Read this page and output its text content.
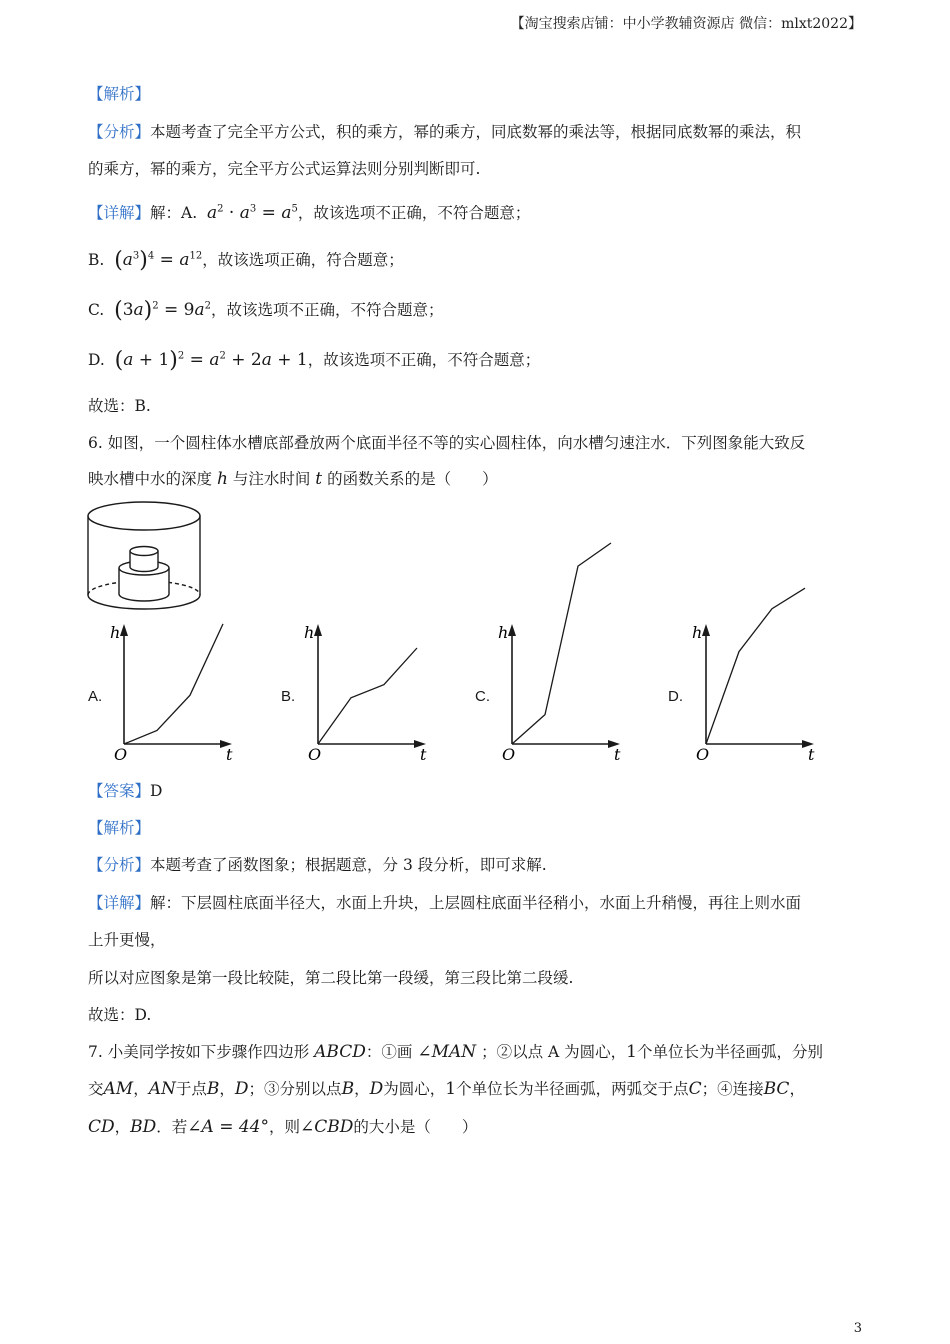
【淘宝搜索店铺：中小学教辅资源店 微信：mlxt2022】
【解析】
【分析】本题考查了完全平方公式，积的乘方，幂的乘方，同底数幂的乘法等，根据同底数幂的乘法，积
的乘方，幂的乘方，完全平方公式运算法则分别判断即可.
【详解】解：A. $a^2 \cdot a^3 = a^5$，故该选项不正确，不符合题意；
B. $(a^3)^4 = a^{12}$，故该选项正确，符合题意；
C. $(3a)^2 = 9a^2$，故该选项不正确，不符合题意；
D. $(a + 1)^2 = a^2 + 2a + 1$，故该选项不正确，不符合题意；
故选：B.
6. 如图，一个圆柱体水槽底部叠放两个底面半径不等的实心圆柱体，向水槽匀速注水．下列图象能大致反
映水槽中水的深度 h 与注水时间 t 的函数关系的是（　　）
A.	B.	C.	D.
h
O	t
h
O	t
h
O	t
h
O	t
【答案】D
【解析】
【分析】本题考查了函数图象；根据题意，分 3 段分析，即可求解.
【详解】解：下层圆柱底面半径大，水面上升块，上层圆柱底面半径稍小，水面上升稍慢，再往上则水面
上升更慢，
所以对应图象是第一段比较陡，第二段比第一段缓，第三段比第二段缓.
故选：D.
7. 小美同学按如下步骤作四边形 ABCD：①画 ∠MAN ；②以点 A 为圆心，1个单位长为半径画弧，分别
交AM，AN于点B，D；③分别以点B，D为圆心，1个单位长为半径画弧，两弧交于点C；④连接BC，
CD，BD．若∠A = 44°，则∠CBD的大小是（　　）
3
